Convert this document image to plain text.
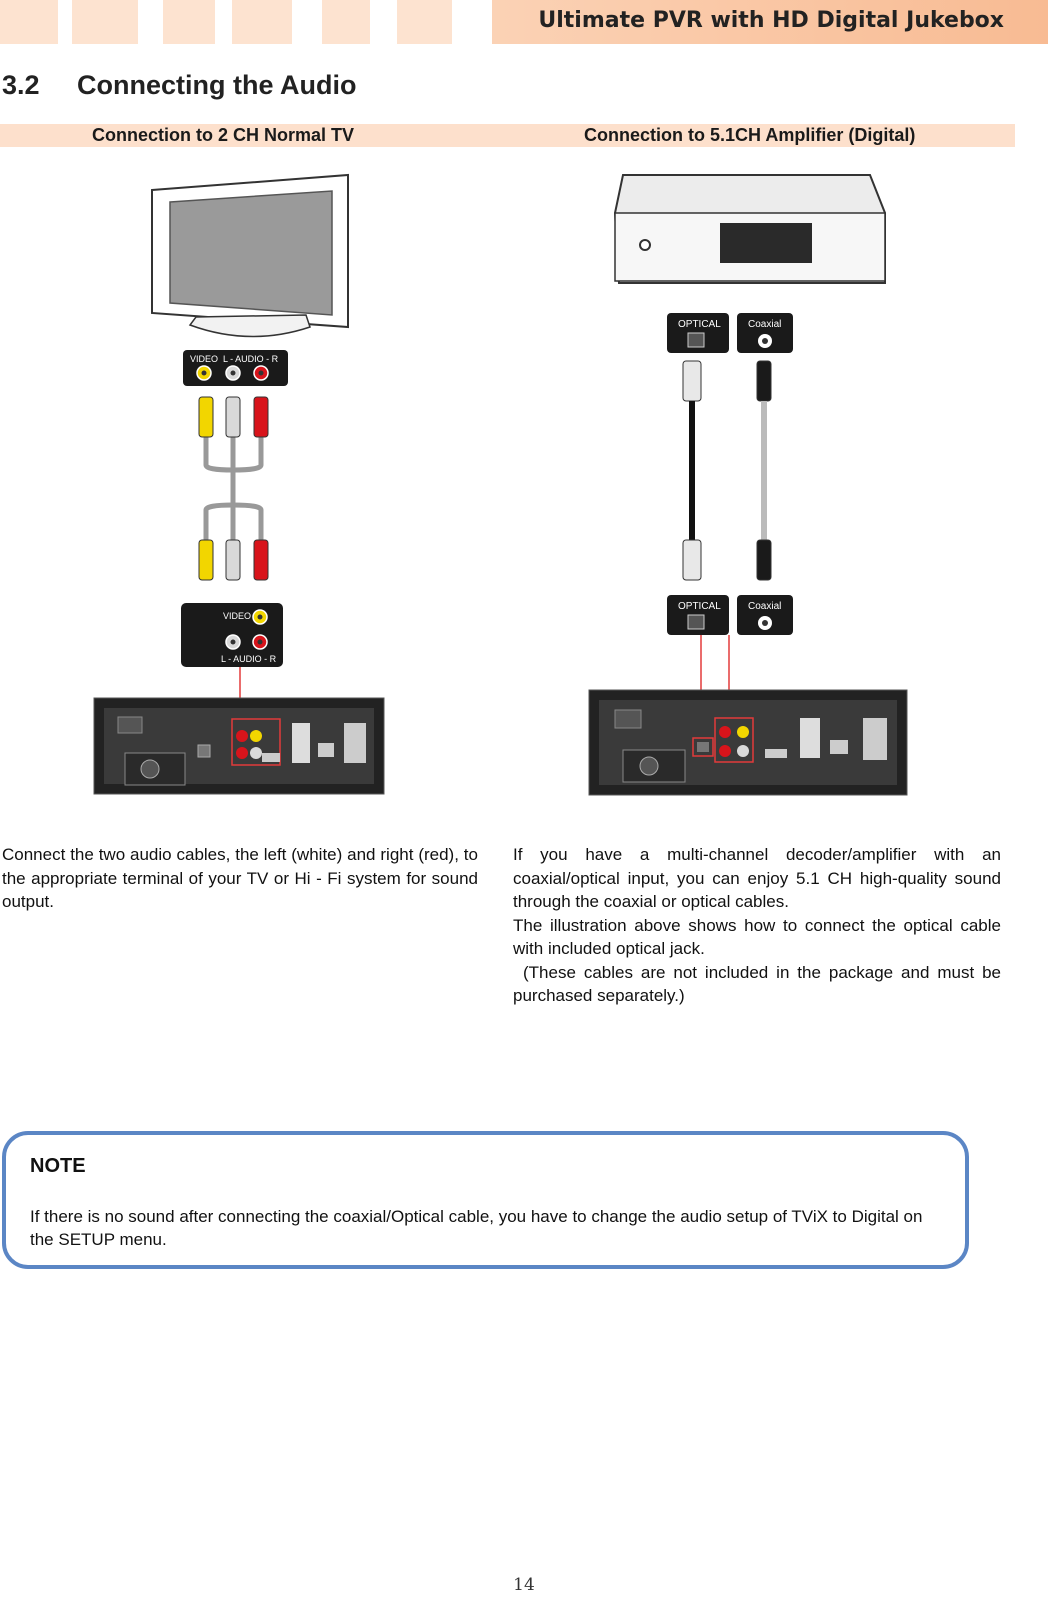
Ultimate PVR with HD Digital Jukebox
3.2 Connecting the Audio
Connection to 2 CH Normal TV	Connection to 5.1CH Amplifier (Digital)
VIDEO L - AUDIO - R
VIDEO
L - AUDIO - R
OPTICAL	Coaxial
OPTICAL	Coaxial

Connect the two audio cables, the left (white) and right (red), to the appropriate terminal of your TV or Hi - Fi system for sound output.

If you have a multi-channel decoder/amplifier with an coaxial/optical input, you can enjoy 5.1 CH high-quality sound through the coaxial or optical cables.

The illustration above shows how to connect the optical cable with included optical jack.

(These cables are not included in the package and must be purchased separately.)

NOTE
If there is no sound after connecting the coaxial/Optical cable, you have to change the audio setup of TViX to Digital on the SETUP menu.
14
